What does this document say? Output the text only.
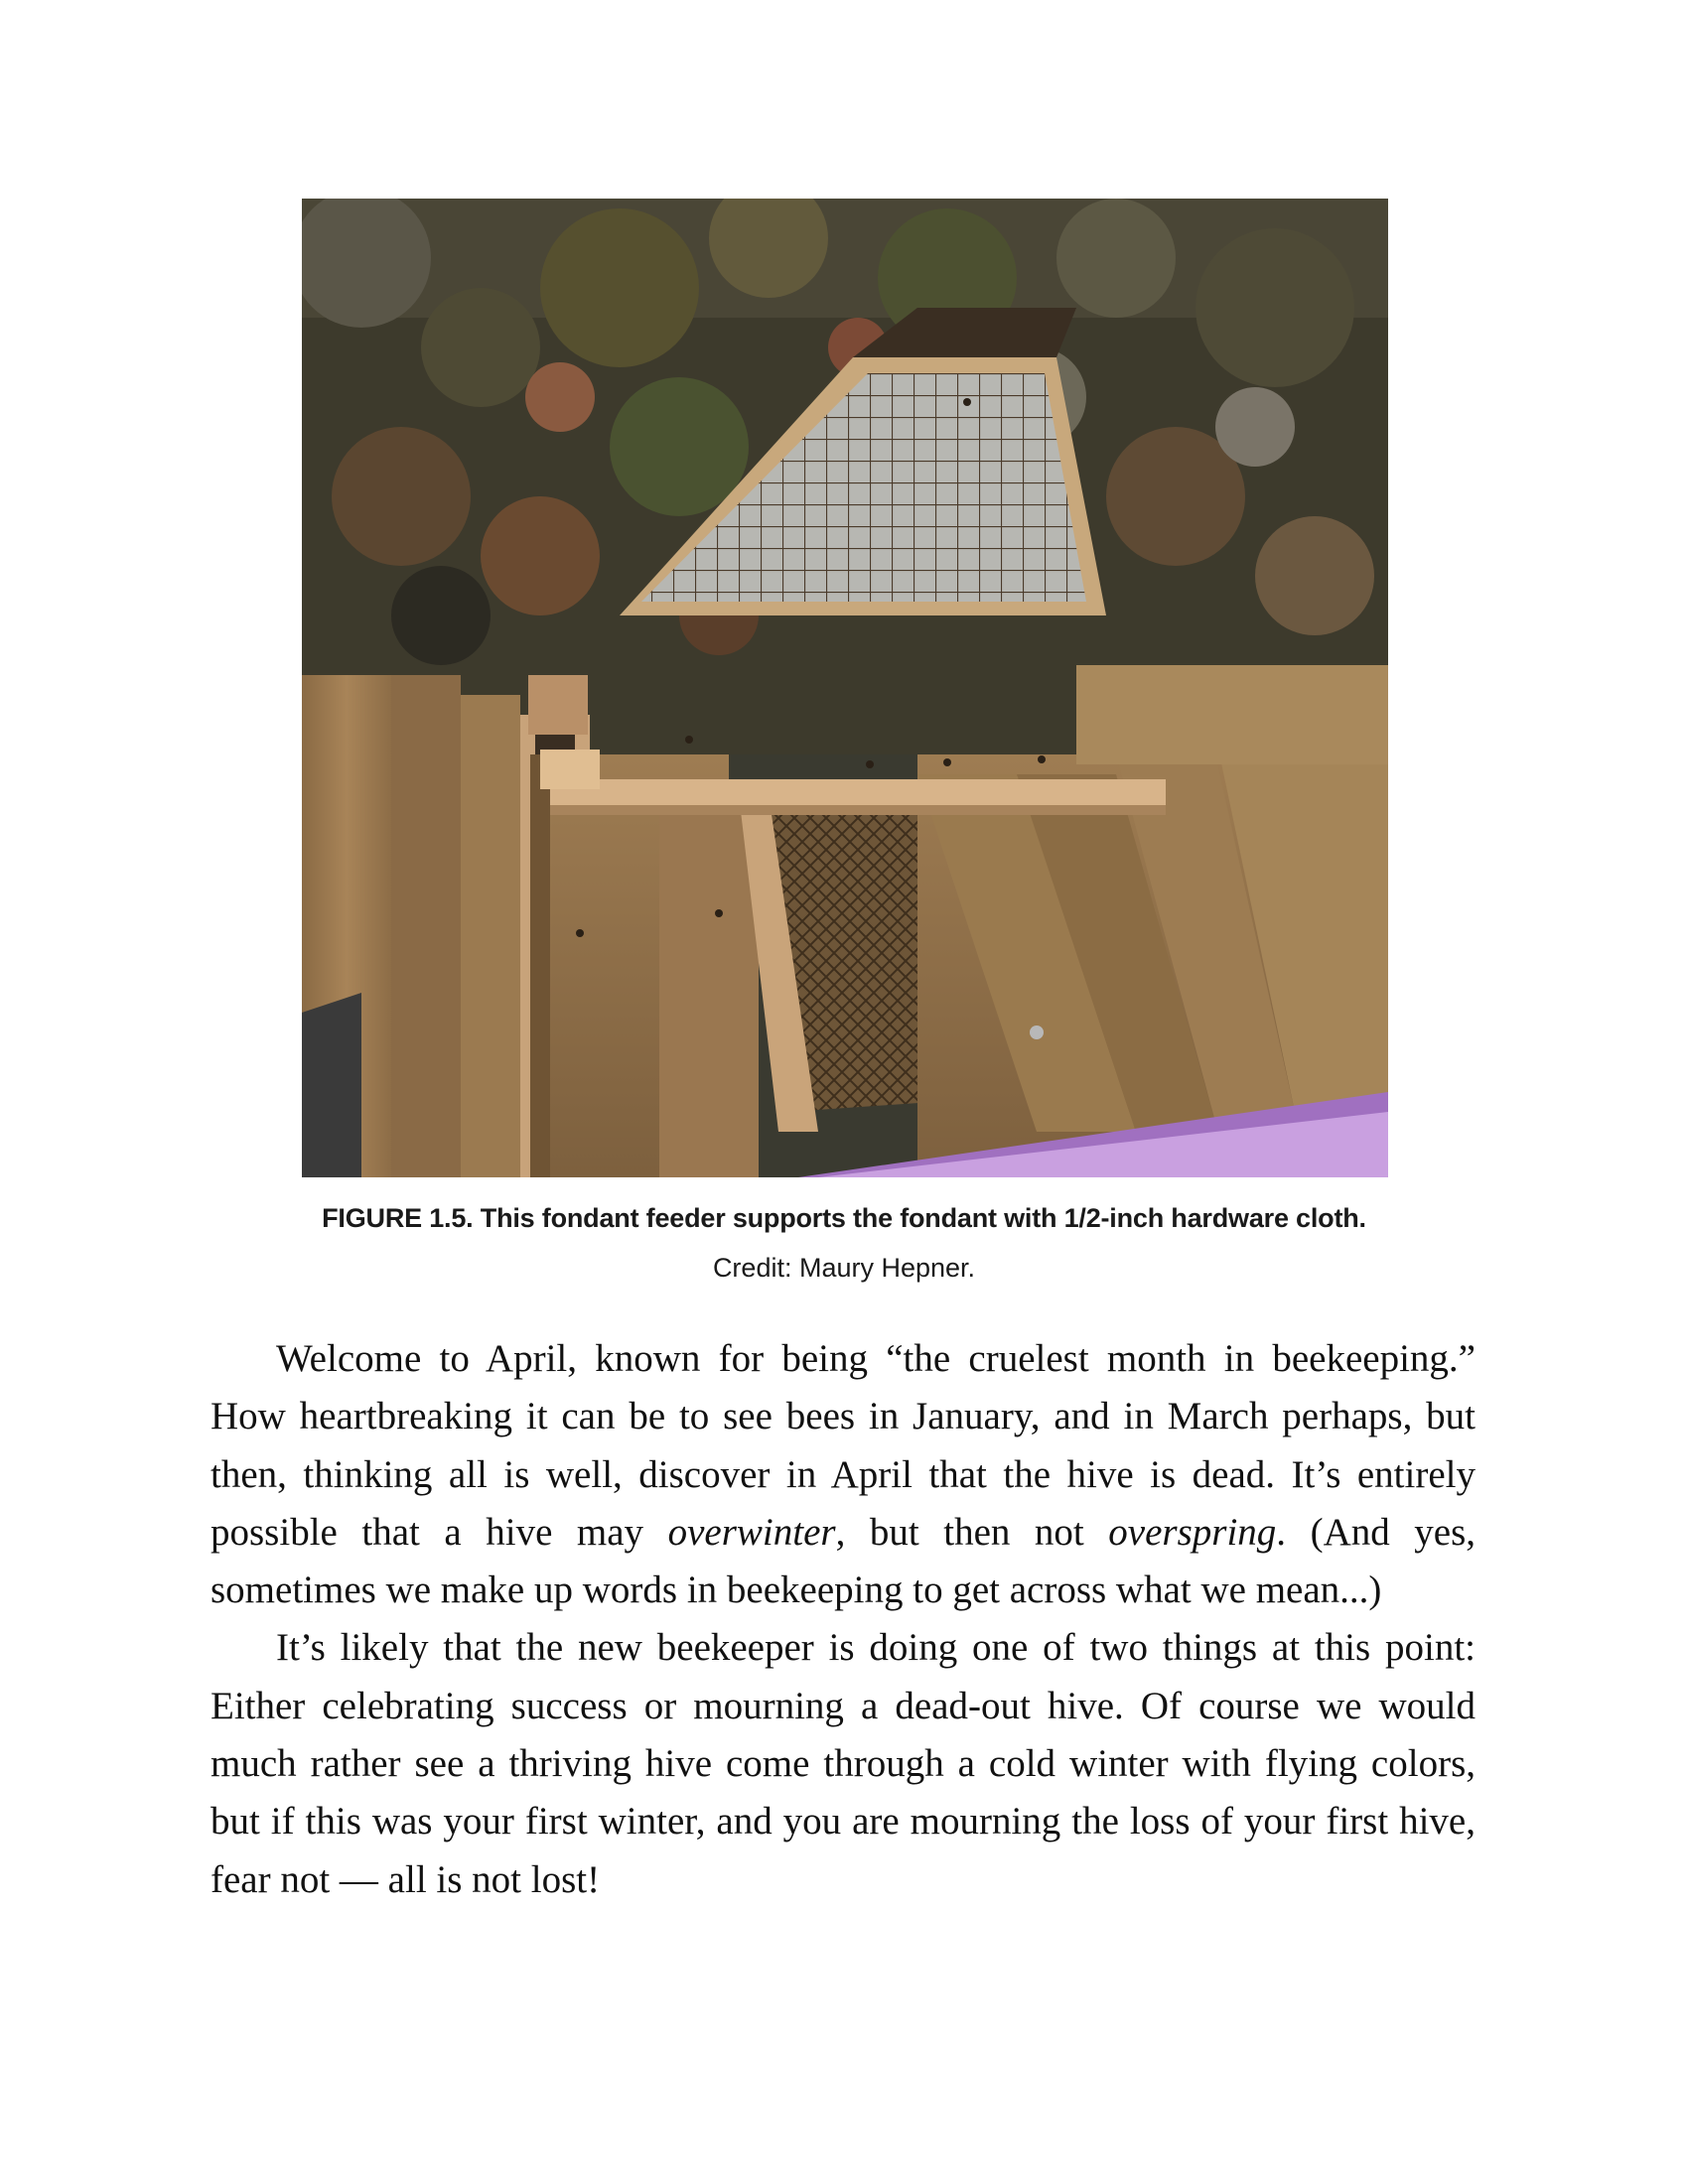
FIGURE 1.5. This fondant feeder supports the fondant with 1/2-inch hardware cloth.
Credit: Maury Hepner.

Welcome to April, known for being “the cruelest month in beekeeping.” How heartbreaking it can be to see bees in January, and in March perhaps, but then, thinking all is well, discover in April that the hive is dead. It’s entirely possible that a hive may overwinter, but then not overspring. (And yes, sometimes we make up words in beekeeping to get across what we mean...)

It’s likely that the new beekeeper is doing one of two things at this point: Either celebrating success or mourning a dead-out hive. Of course we would much rather see a thriving hive come through a cold winter with flying colors, but if this was your first winter, and you are mourning the loss of your first hive, fear not — all is not lost!
